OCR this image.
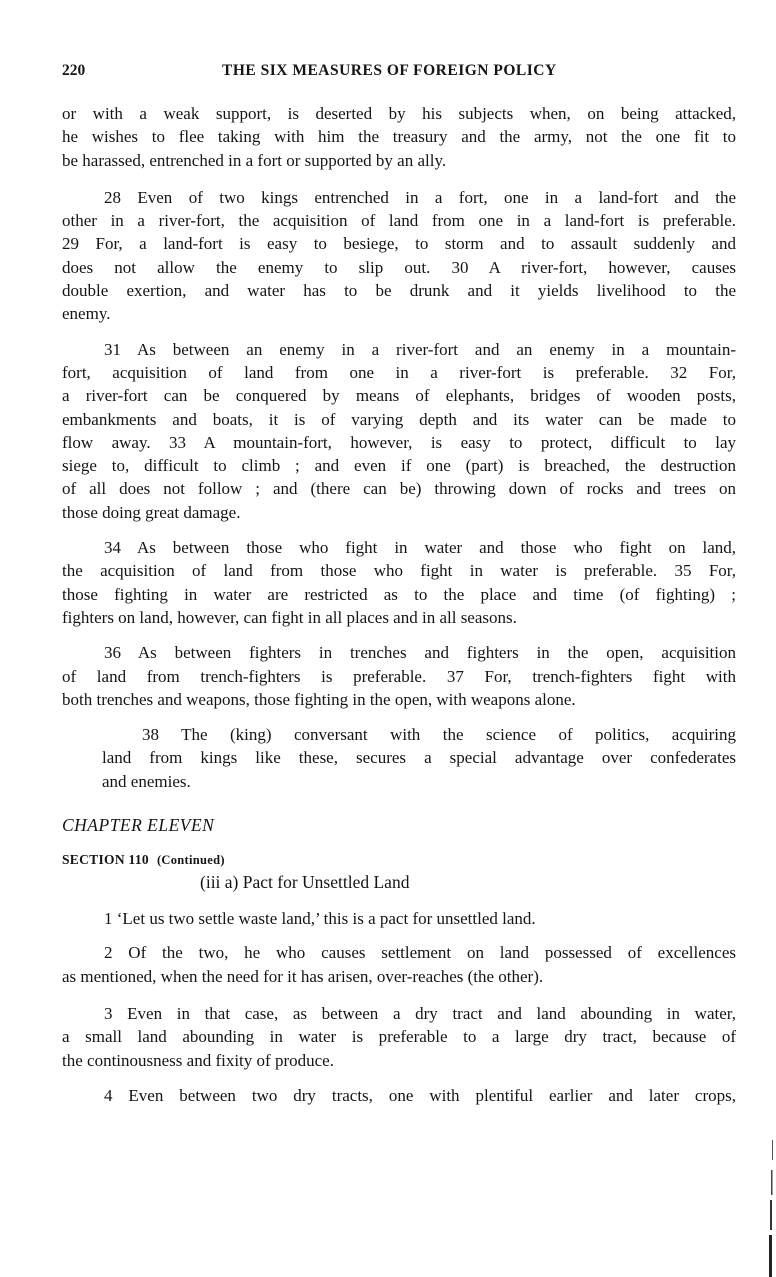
220	THE SIX MEASURES OF FOREIGN POLICY

or with a weak support, is deserted by his subjects when, on being attacked,
he wishes to flee taking with him the treasury and the army, not the one fit to
be harassed, entrenched in a fort or supported by an ally.

28 Even of two kings entrenched in a fort, one in a land-fort and the
other in a river-fort, the acquisition of land from one in a land-fort is preferable.
29 For, a land-fort is easy to besiege, to storm and to assault suddenly and
does not allow the enemy to slip out. 30 A river-fort, however, causes
double exertion, and water has to be drunk and it yields livelihood to the
enemy.

31 As between an enemy in a river-fort and an enemy in a mountain-
fort, acquisition of land from one in a river-fort is preferable. 32 For,
a river-fort can be conquered by means of elephants, bridges of wooden posts,
embankments and boats, it is of varying depth and its water can be made to
flow away. 33 A mountain-fort, however, is easy to protect, difficult to lay
siege to, difficult to climb ; and even if one (part) is breached, the destruction
of all does not follow ; and (there can be) throwing down of rocks and trees on
those doing great damage.

34 As between those who fight in water and those who fight on land,
the acquisition of land from those who fight in water is preferable. 35 For,
those fighting in water are restricted as to the place and time (of fighting) ;
fighters on land, however, can fight in all places and in all seasons.

36 As between fighters in trenches and fighters in the open, acquisition
of land from trench-fighters is preferable. 37 For, trench-fighters fight with
both trenches and weapons, those fighting in the open, with weapons alone.

38 The (king) conversant with the science of politics, acquiring
land from kings like these, secures a special advantage over confederates
and enemies.

CHAPTER ELEVEN
SECTION 110 (Continued)
(iii a) Pact for Unsettled Land

1 ‘Let us two settle waste land,’ this is a pact for unsettled land.

2 Of the two, he who causes settlement on land possessed of excellences
as mentioned, when the need for it has arisen, over-reaches (the other).

3 Even in that case, as between a dry tract and land abounding in water,
a small land abounding in water is preferable to a large dry tract, because of
the continousness and fixity of produce.

4 Even between two dry tracts, one with plentiful earlier and later crops,
